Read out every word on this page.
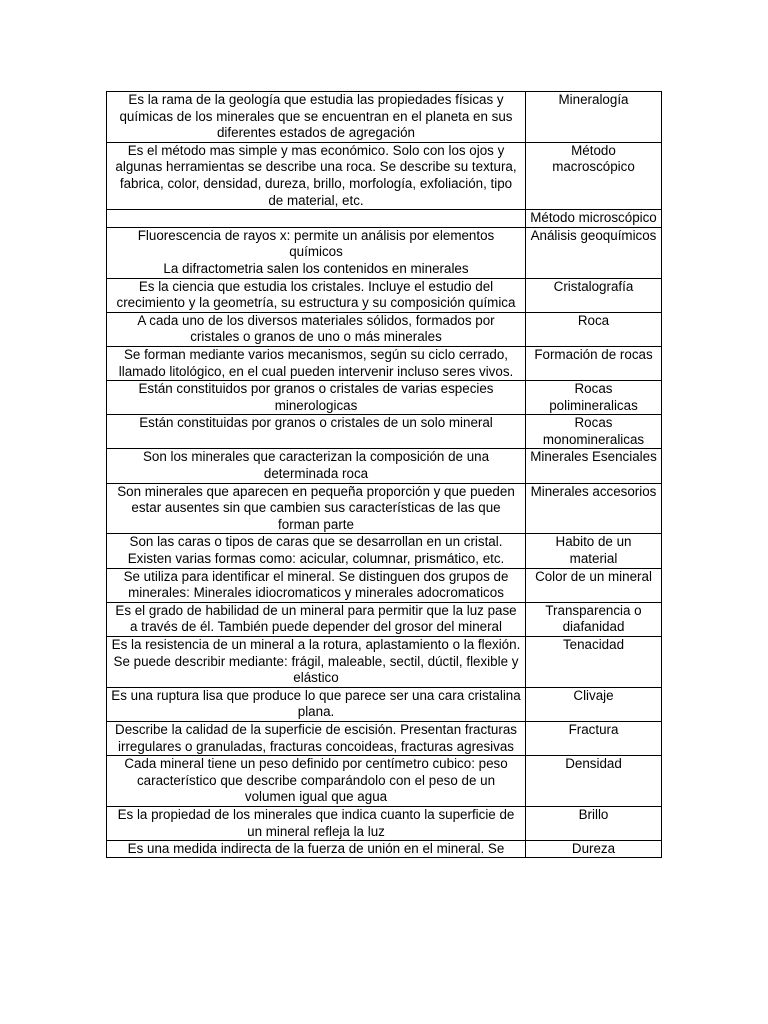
Es la rama de la geología que estudia las propiedades físicas y químicas de los minerales que se encuentran en el planeta en sus diferentes estados de agregación	Mineralogía

Es el método mas simple y mas económico. Solo con los ojos y algunas herramientas se describe una roca. Se describe su textura, fabrica, color, densidad, dureza, brillo, morfología, exfoliación, tipo de material, etc.	Método macroscópico

	Método microscópico

Fluorescencia de rayos x: permite un análisis por elementos químicos
La difractometria salen los contenidos en minerales	Análisis geoquímicos

Es la ciencia que estudia los cristales. Incluye el estudio del crecimiento y la geometría, su estructura y su composición química	Cristalografía

A cada uno de los diversos materiales sólidos, formados por cristales o granos de uno o más minerales	Roca

Se forman mediante varios mecanismos, según su ciclo cerrado, llamado litológico, en el cual pueden intervenir incluso seres vivos.	Formación de rocas

Están constituidos por granos o cristales de varias especies minerologicas	Rocas polimineralicas

Están constituidas por granos o cristales de un solo mineral	Rocas monomineralicas

Son los minerales que caracterizan la composición de una determinada roca	Minerales Esenciales

Son minerales que aparecen en pequeña proporción y que pueden estar ausentes sin que cambien sus características de las que forman parte	Minerales accesorios

Son las caras o tipos de caras que se desarrollan en un cristal. Existen varias formas como: acicular, columnar, prismático, etc.	Habito de un material

Se utiliza para identificar el mineral. Se distinguen dos grupos de minerales: Minerales idiocromaticos y minerales adocromaticos	Color de un mineral

Es el grado de habilidad de un mineral para permitir que la luz pase a través de él. También puede depender del grosor del mineral	Transparencia o diafanidad

Es la resistencia de un mineral a la rotura, aplastamiento o la flexión. Se puede describir mediante: frágil, maleable, sectil, dúctil, flexible y elástico	Tenacidad

Es una ruptura lisa que produce lo que parece ser una cara cristalina plana.	Clivaje

Describe la calidad de la superficie de escisión. Presentan fracturas irregulares o granuladas, fracturas concoideas, fracturas agresivas	Fractura

Cada mineral tiene un peso definido por centímetro cubico: peso característico que describe comparándolo con el peso de un volumen igual que agua	Densidad

Es la propiedad de los minerales que indica cuanto la superficie de un mineral refleja la luz	Brillo

Es una medida indirecta de la fuerza de unión en el mineral. Se	Dureza
